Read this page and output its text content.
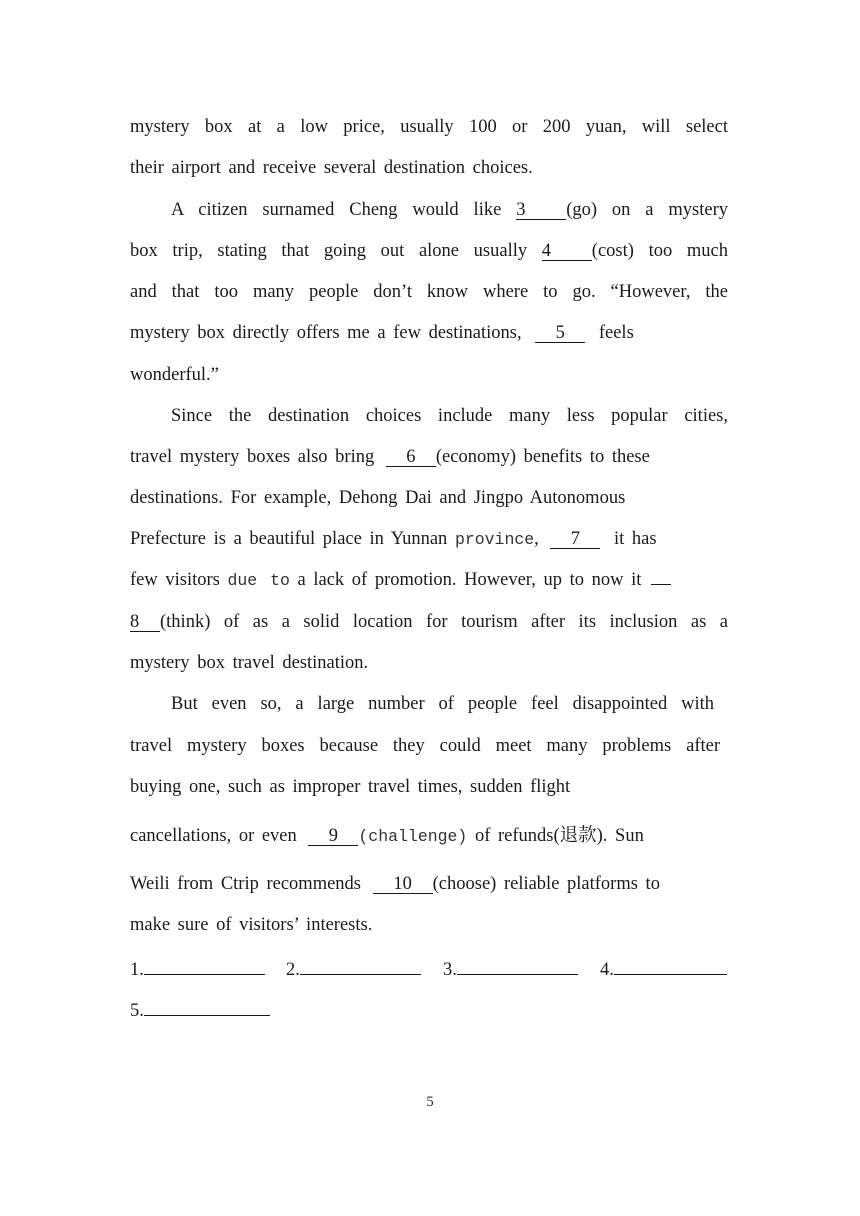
mystery box at a low price, usually 100 or 200 yuan, will select
their airport and receive several destination choices.
A citizen surnamed Cheng would like 3 (go) on a mystery
box trip, stating that going out alone usually 4 (cost) too much
and that too many people don’t know where to go. “However, the
mystery box directly offers me a few destinations, 5 feels
wonderful.”
Since the destination choices include many less popular cities,
travel mystery boxes also bring 6 (economy) benefits to these
destinations. For example, Dehong Dai and Jingpo Autonomous
Prefecture is a beautiful place in Yunnan province, 7 it has
few visitors due to a lack of promotion. However, up to now it
8 (think) of as a solid location for tourism after its inclusion as a
mystery box travel destination.
But even so, a large number of people feel disappointed with
travel mystery boxes because they could meet many problems after
buying one, such as improper travel times, sudden flight
cancellations, or even 9 (challenge) of refunds(退款). Sun
Weili from Ctrip recommends 10 (choose) reliable platforms to
make sure of visitors’ interests.
1.	2.	3.	4.
5.
5
